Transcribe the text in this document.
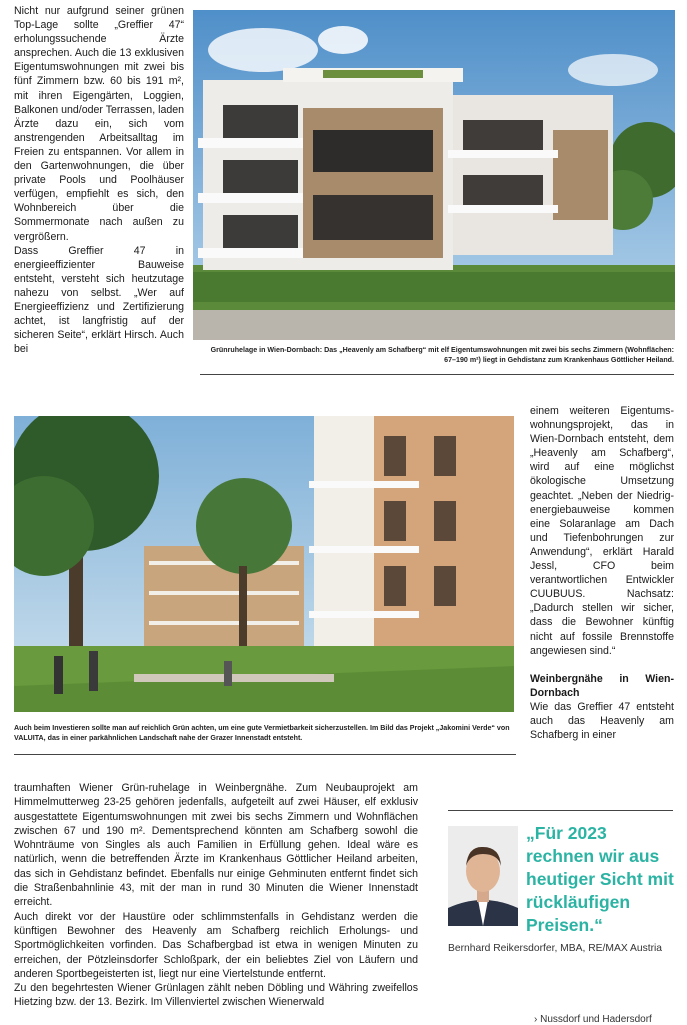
Nicht nur aufgrund seiner grünen Top-Lage sollte „Greffier 47“ erholungssuchende Ärzte ansprechen. Auch die 13 exklusiven Eigentumswohnungen mit zwei bis fünf Zimmern bzw. 60 bis 191 m², mit ihren Eigengärten, Loggien, Balkonen und/oder Terrassen, laden Ärzte dazu ein, sich vom anstrengenden Arbeitsalltag im Freien zu entspannen. Vor allem in den Gartenwohnungen, die über private Pools und Poolhäuser verfügen, empfiehlt es sich, den Wohnbereich über die Sommermonate nach außen zu vergrößern.

Dass Greffier 47 in energieeffizienter Bauweise entsteht, versteht sich heutzutage nahezu von selbst. „Wer auf Energieeffizienz und Zertifizierung achtet, ist langfristig auf der sicheren Seite“, erklärt Hirsch. Auch bei	Grünruhelage in Wien-Dornbach: Das „Heavenly am Schafberg“ mit elf Eigentumswohnungen mit zwei bis sechs Zimmern (Wohnflächen: 67–190 m²) liegt in Gehdistanz zum Krankenhaus Göttlicher Heiland.
Auch beim Investieren sollte man auf reichlich Grün achten, um eine gute Vermietbarkeit sicherzustellen. Im Bild das Projekt „Jakomini Verde“ von VALUITA, das in einer parkähnlichen Landschaft nahe der Grazer Innenstadt entsteht.

einem weiteren Eigentumswohnungsprojekt, das in Wien-Dornbach entsteht, dem „Heavenly am Schafberg“, wird auf eine möglichst ökologische Umsetzung geachtet. „Neben der Niedrigenergiebauweise kommen eine Solaranlage am Dach und Tiefenbohrungen zur Anwendung“, erklärt Harald Jessl, CFO beim verantwortlichen Entwickler CUUBUUS. Nachsatz: „Dadurch stellen wir sicher, dass die Bewohner künftig nicht auf fossile Brennstoffe angewiesen sind.“

Weinbergnähe in Wien-Dornbach

Wie das Greffier 47 entsteht auch das Heavenly am Schafberg in einer

traumhaften Wiener Grün-ruhelage in Weinbergnähe. Zum Neubauprojekt am Himmelmutterweg 23-25 gehören jedenfalls, aufgeteilt auf zwei Häuser, elf exklusiv ausgestattete Eigentumswohnungen mit zwei bis sechs Zimmern und Wohnflächen zwischen 67 und 190 m². Dementsprechend könnten am Schafberg sowohl die Wohnträume von Singles als auch Familien in Erfüllung gehen. Ideal wäre es natürlich, wenn die betreffenden Ärzte im Krankenhaus Göttlicher Heiland arbeiten, das sich in Gehdistanz befindet. Ebenfalls nur einige Gehminuten entfernt findet sich die Straßenbahnlinie 43, mit der man in rund 30 Minuten die Wiener Innenstadt erreicht.

Auch direkt vor der Haustüre oder schlimmstenfalls in Gehdistanz werden die künftigen Bewohner des Heavenly am Schafberg reichlich Erholungs- und Sportmöglichkeiten vorfinden. Das Schafbergbad ist etwa in wenigen Minuten zu erreichen, der Pötzleinsdorfer Schloßpark, der ein beliebtes Ziel von Läufern und anderen Sportbegeisterten ist, liegt nur eine Viertelstunde entfernt.

Zu den begehrtesten Wiener Grünlagen zählt neben Döbling und Währing zweifellos Hietzing bzw. der 13. Bezirk. Im Villenviertel zwischen Wienerwald

„Für 2023 rechnen wir aus heutiger Sicht mit rückläufigen Preisen.“

Bernhard Reikersdorfer, MBA, RE/MAX Austria

› Nussdorf und Hadersdorf
